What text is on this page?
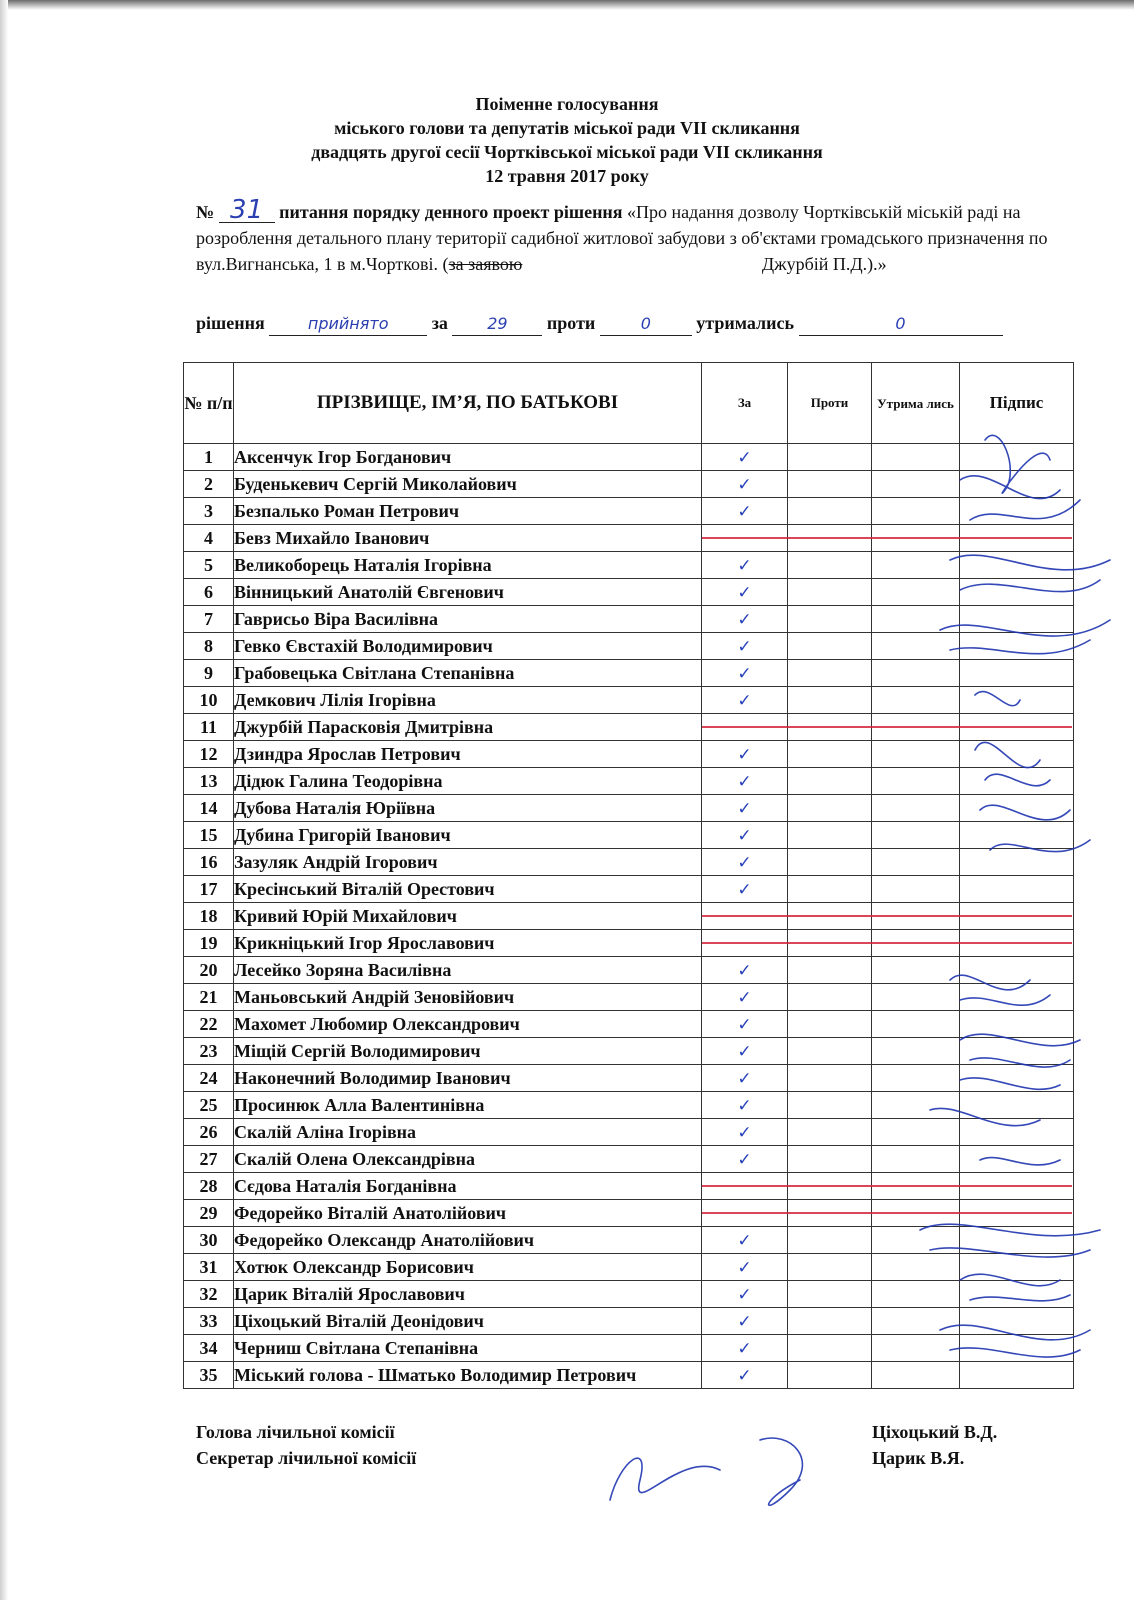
Поіменне голосування
міського голови та депутатів міської ради VII скликання
двадцять другої сесії Чортківської міської ради VII скликання
12 травня 2017 року
№ 31 питання порядку денного проект рішення «Про надання дозволу Чортківській міській раді на розроблення детального плану території садибної житлової забудови з об'єктами громадського призначення по вул.Вигнанська, 1 в м.Чорткові. (за заявою	Джурбій П.Д.).»
рішення	прийнято за 29 проти	0	утримались	0
№ п/п	ПРІЗВИЩЕ, ІМ’Я, ПО БАТЬКОВІ	За	Проти	Утрима лись	Підпис
1	Аксенчук Ігор Богданович	✓			
2	Буденькевич Сергій Миколайович	✓			
3	Безпалько Роман Петрович	✓			
4	Бевз Михайло Іванович	

5	Великоборець Наталія Ігорівна	✓			
6	Вінницький Анатолій Євгенович	✓			
7	Гаврисьо Віра Василівна	✓			
8	Гевко Євстахій Володимирович	✓			
9	Грабовецька Світлана Степанівна	✓			
10	Демкович Лілія Ігорівна	✓			
11	Джурбій Парасковія Дмитрівна	

12	Дзиндра Ярослав Петрович	✓			
13	Дідюк Галина Теодорівна	✓			
14	Дубова Наталія Юріївна	✓			
15	Дубина Григорій Іванович	✓			
16	Зазуляк Андрій Ігорович	✓			
17	Кресінський Віталій Орестович	✓			
18	Кривий Юрій Михайлович	

19	Крикніцький Ігор Ярославович	

20	Лесейко Зоряна Василівна	✓			
21	Маньовський Андрій Зеновійович	✓			
22	Махомет Любомир Олександрович	✓			
23	Міщій Сергій Володимирович	✓			
24	Наконечний Володимир Іванович	✓			
25	Просинюк Алла Валентинівна	✓			
26	Скалій Аліна Ігорівна	✓			
27	Скалій Олена Олександрівна	✓			
28	Сєдова Наталія Богданівна	

29	Федорейко Віталій Анатолійович	

30	Федорейко Олександр Анатолійович	✓			
31	Хотюк Олександр Борисович	✓			
32	Царик Віталій Ярославович	✓			
33	Ціхоцький Віталій Деонідович	✓			
34	Черниш Світлана Степанівна	✓			
35	Міський голова - Шматько Володимир Петрович	✓			
Голова лічильної комісії	Ціхоцький В.Д.
Секретар лічильної комісії	Царик В.Я.
